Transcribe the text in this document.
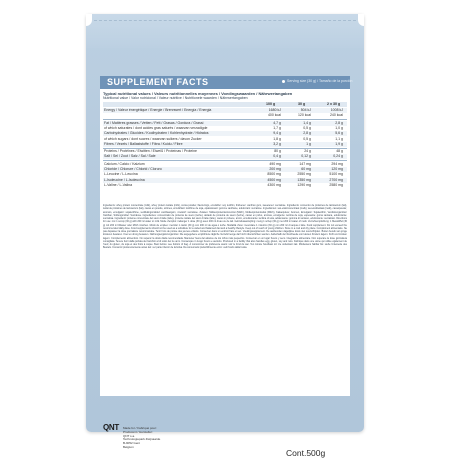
SUPPLEMENT FACTS	Serving size (30 g) / Tamaño de la porción
Typical nutritional values / Valeurs nutritionnelles moyennes / Voedingswaarden / Nährwertangaben
Nutritional value / Valor nutricional / Valeur nutritive / Nutritionele waarden / Nährwertangaben
100 g	30 g	2 x 30 g
Energy / Valeur énergétique / Energie / Brennwert / Energía / Energia	1680 kJ	504 kJ	1008 kJ
400 kcal	120 kcal	240 kcal
Fat / Matières grasses / Vetten / Fett / Grasas / Gordura / Grassi	4,7 g	1,4 g	2,8 g
of which saturates / dont acides gras saturés / waarvan verzadigde	1,7 g	0,5 g	1,0 g
Carbohydrates / Glucides / Koolhydraten / Kohlenhydrate / Hidratos	9,4 g	2,8 g	5,6 g
of which sugars / dont sucres / waarvan suikers / davon Zucker	1,8 g	0,5 g	1,1 g
Fibres / Vezels / Ballaststoffe / Fibra / Kuidu / Fibre	3,2 g	1 g	1,9 g
Proteins / Protéines / Eiwitten / Eiweiß / Proteínas / Proteine	80 g	24 g	48 g
Salt / Sel / Zout / Salz / Sal / Sale	0,4 g	0,12 g	0,24 g
Calcium / Calcio / Kalzium	490 mg	147 mg	294 mg
Chloride / Chlorure / Chlorid / Cloruro	200 mg	60 mg	120 mg
L-Leucine / L-Leucina	8500 mg	2550 mg	5100 mg
L-Isoleucine / L-Isoleucina	4500 mg	1350 mg	2700 mg
L-Valine / L-Valina	4300 mg	1290 mg	2580 mg
Ingredients: whey protein concentrate (milk), whey protein isolate (milk), cocoa powder, flavourings, emulsifier: soy lecithin, thickener: xanthan gum, sweetener: sucralose. Ingrédients: concentré de protéines de lactosérum (lait), isolat de protéines de lactosérum (lait), cacao en poudre, arômes, émulsifiant: lécithine de soja, épaississant: gomme xanthane, édulcorant: sucralose. Ingrediënten: wei-eiwitconcentraat (melk), wei-eiwitisolaat (melk), cacaopoeder, aroma's, emulgator: sojalecithine, verdikkingsmiddel: xanthaangom, zoetstof: sucralose. Zutaten: Molkenproteinkonzentrat (Milch), Molkenproteinisolat (Milch), Kakaopulver, Aromen, Emulgator: Sojalecithin, Verdickungsmittel: Xanthan, Süßungsmittel: Sucralose. Ingredientes: concentrado de proteína de suero (leche), aislado de proteína de suero (leche), cacao en polvo, aromas, emulgente: lecitina de soja, espesante: goma xantana, edulcorante: sucralosa. Ingredienti: proteine concentrate del siero di latte (latte), proteine isolate del siero di latte (latte), cacao in polvere, aromi, emulsionante: lecitina di soia, addensante: gomma di xantano, edulcorante: sucralosio. Directions for use: mix 1 scoop (30 g) with 200 ml water or milk. Mode d'emploi: mélanger 1 dose (30 g) avec 200 ml d'eau ou de lait. Gebruiksaanwijzing: meng 1 schep (30 g) met 200 ml water of melk. Verzehrempfehlung: 1 Messlöffel (30 g) mit 200 ml Wasser oder Milch mischen. Modo de empleo: mezclar 1 cacito (30 g) con 200 ml de agua o leche. Modalità d'uso: mescolare 1 misurino (30 g) con 200 ml di acqua o latte. Food supplement. Do not exceed the recommended daily dose. Food supplements should not be used as a substitute for a varied and balanced diet and a healthy lifestyle. Keep out of reach of young children. Store in a cool and dry place. Complément alimentaire. Ne pas dépasser la dose journalière recommandée. Tenir hors de portée des jeunes enfants. Conserver dans un endroit frais et sec. Voedingssupplement. De aanbevolen dagelijkse dosis niet overschrijden. Buiten bereik van jonge kinderen bewaren. Koel en droog bewaren. Nahrungsergänzungsmittel. Die angegebene empfohlene tägliche Verzehrmenge darf nicht überschritten werden. Außerhalb der Reichweite von kleinen Kindern lagern. Kühl und trocken lagern. Complemento alimenticio. No superar la dosis diaria recomendada. Mantener fuera del alcance de los niños más pequeños. Conservar en un lugar fresco y seco. Integratore alimentare. Non superare la dose giornaliera consigliata. Tenere fuori dalla portata dei bambini al di sotto dei tre anni. Conservare in luogo fresco e asciutto. Produced in a facility that also handles egg, gluten, soy and nuts. Fabriqué dans une usine qui utilise également de l'œuf, du gluten, du soja et des fruits à coque. Best before: see bottom of bag. À consommer de préférence avant: voir le fond du sac. Ten minste houdbaar tot: zie onderkant zak. Mindestens haltbar bis: siehe Unterseite des Beutels. Consumir preferentemente antes del: ver parte inferior de la bolsa. Da consumarsi preferibilmente entro: vedi fondo della busta.
QNT Made for / Fabriqué pour:
Producent / Hersteller:
QNT s.a.
Technologiepark Zwijnaarde
B-9052 Gent
Belgium
Cont.500g
